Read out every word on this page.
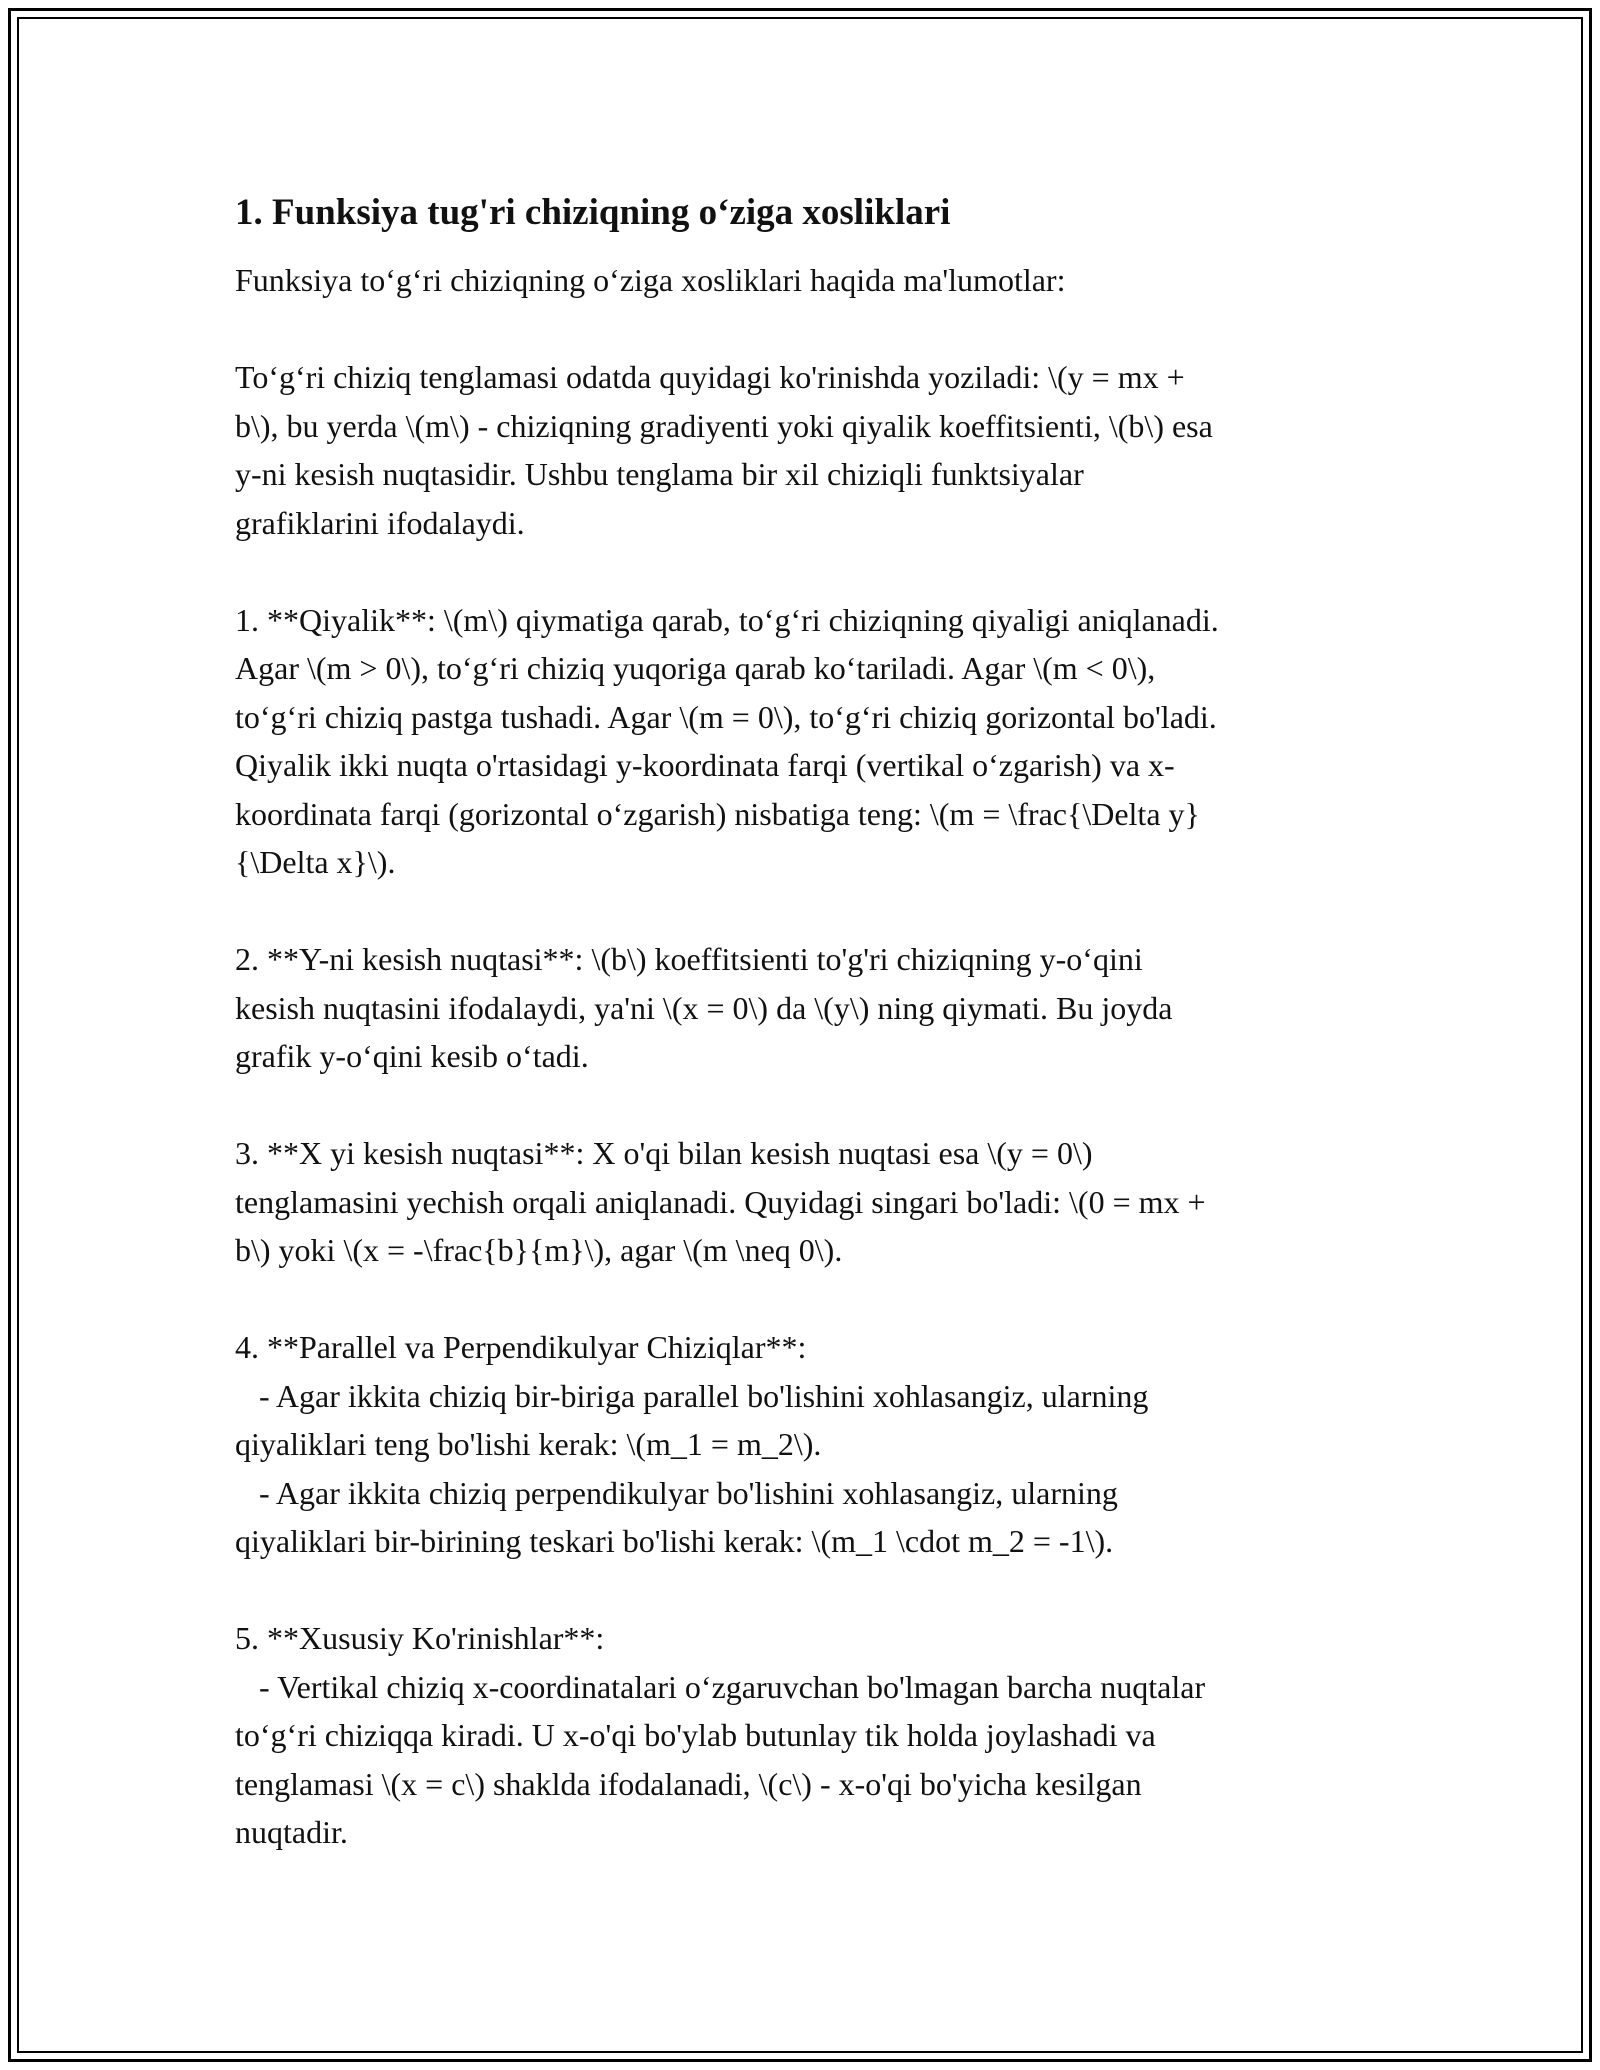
1. Funksiya tug'ri chiziqning o‘ziga xosliklari

Funksiya to‘g‘ri chiziqning o‘ziga xosliklari haqida ma'lumotlar:

To‘g‘ri chiziq tenglamasi odatda quyidagi ko'rinishda yoziladi: \(y = mx +
b\), bu yerda \(m\) - chiziqning gradiyenti yoki qiyalik koeffitsienti, \(b\) esa
y-ni kesish nuqtasidir. Ushbu tenglama bir xil chiziqli funktsiyalar
grafiklarini ifodalaydi.

1. **Qiyalik**: \(m\) qiymatiga qarab, to‘g‘ri chiziqning qiyaligi aniqlanadi.
Agar \(m > 0\), to‘g‘ri chiziq yuqoriga qarab ko‘tariladi. Agar \(m < 0\),
to‘g‘ri chiziq pastga tushadi. Agar \(m = 0\), to‘g‘ri chiziq gorizontal bo'ladi.
Qiyalik ikki nuqta o'rtasidagi y-koordinata farqi (vertikal o‘zgarish) va x-
koordinata farqi (gorizontal o‘zgarish) nisbatiga teng: \(m = \frac{\Delta y}
{\Delta x}\).

2. **Y-ni kesish nuqtasi**: \(b\) koeffitsienti to'g'ri chiziqning y-o‘qini
kesish nuqtasini ifodalaydi, ya'ni \(x = 0\) da \(y\) ning qiymati. Bu joyda
grafik y-o‘qini kesib o‘tadi.

3. **X yi kesish nuqtasi**: X o'qi bilan kesish nuqtasi esa \(y = 0\)
tenglamasini yechish orqali aniqlanadi. Quyidagi singari bo'ladi: \(0 = mx +
b\) yoki \(x = -\frac{b}{m}\), agar \(m \neq 0\).

4. **Parallel va Perpendikulyar Chiziqlar**:
- Agar ikkita chiziq bir-biriga parallel bo'lishini xohlasangiz, ularning
qiyaliklari teng bo'lishi kerak: \(m_1 = m_2\).
- Agar ikkita chiziq perpendikulyar bo'lishini xohlasangiz, ularning
qiyaliklari bir-birining teskari bo'lishi kerak: \(m_1 \cdot m_2 = -1\).

5. **Xususiy Ko'rinishlar**:
- Vertikal chiziq x-coordinatalari o‘zgaruvchan bo'lmagan barcha nuqtalar
to‘g‘ri chiziqqa kiradi. U x-o'qi bo'ylab butunlay tik holda joylashadi va
tenglamasi \(x = c\) shaklda ifodalanadi, \(c\) - x-o'qi bo'yicha kesilgan
nuqtadir.
